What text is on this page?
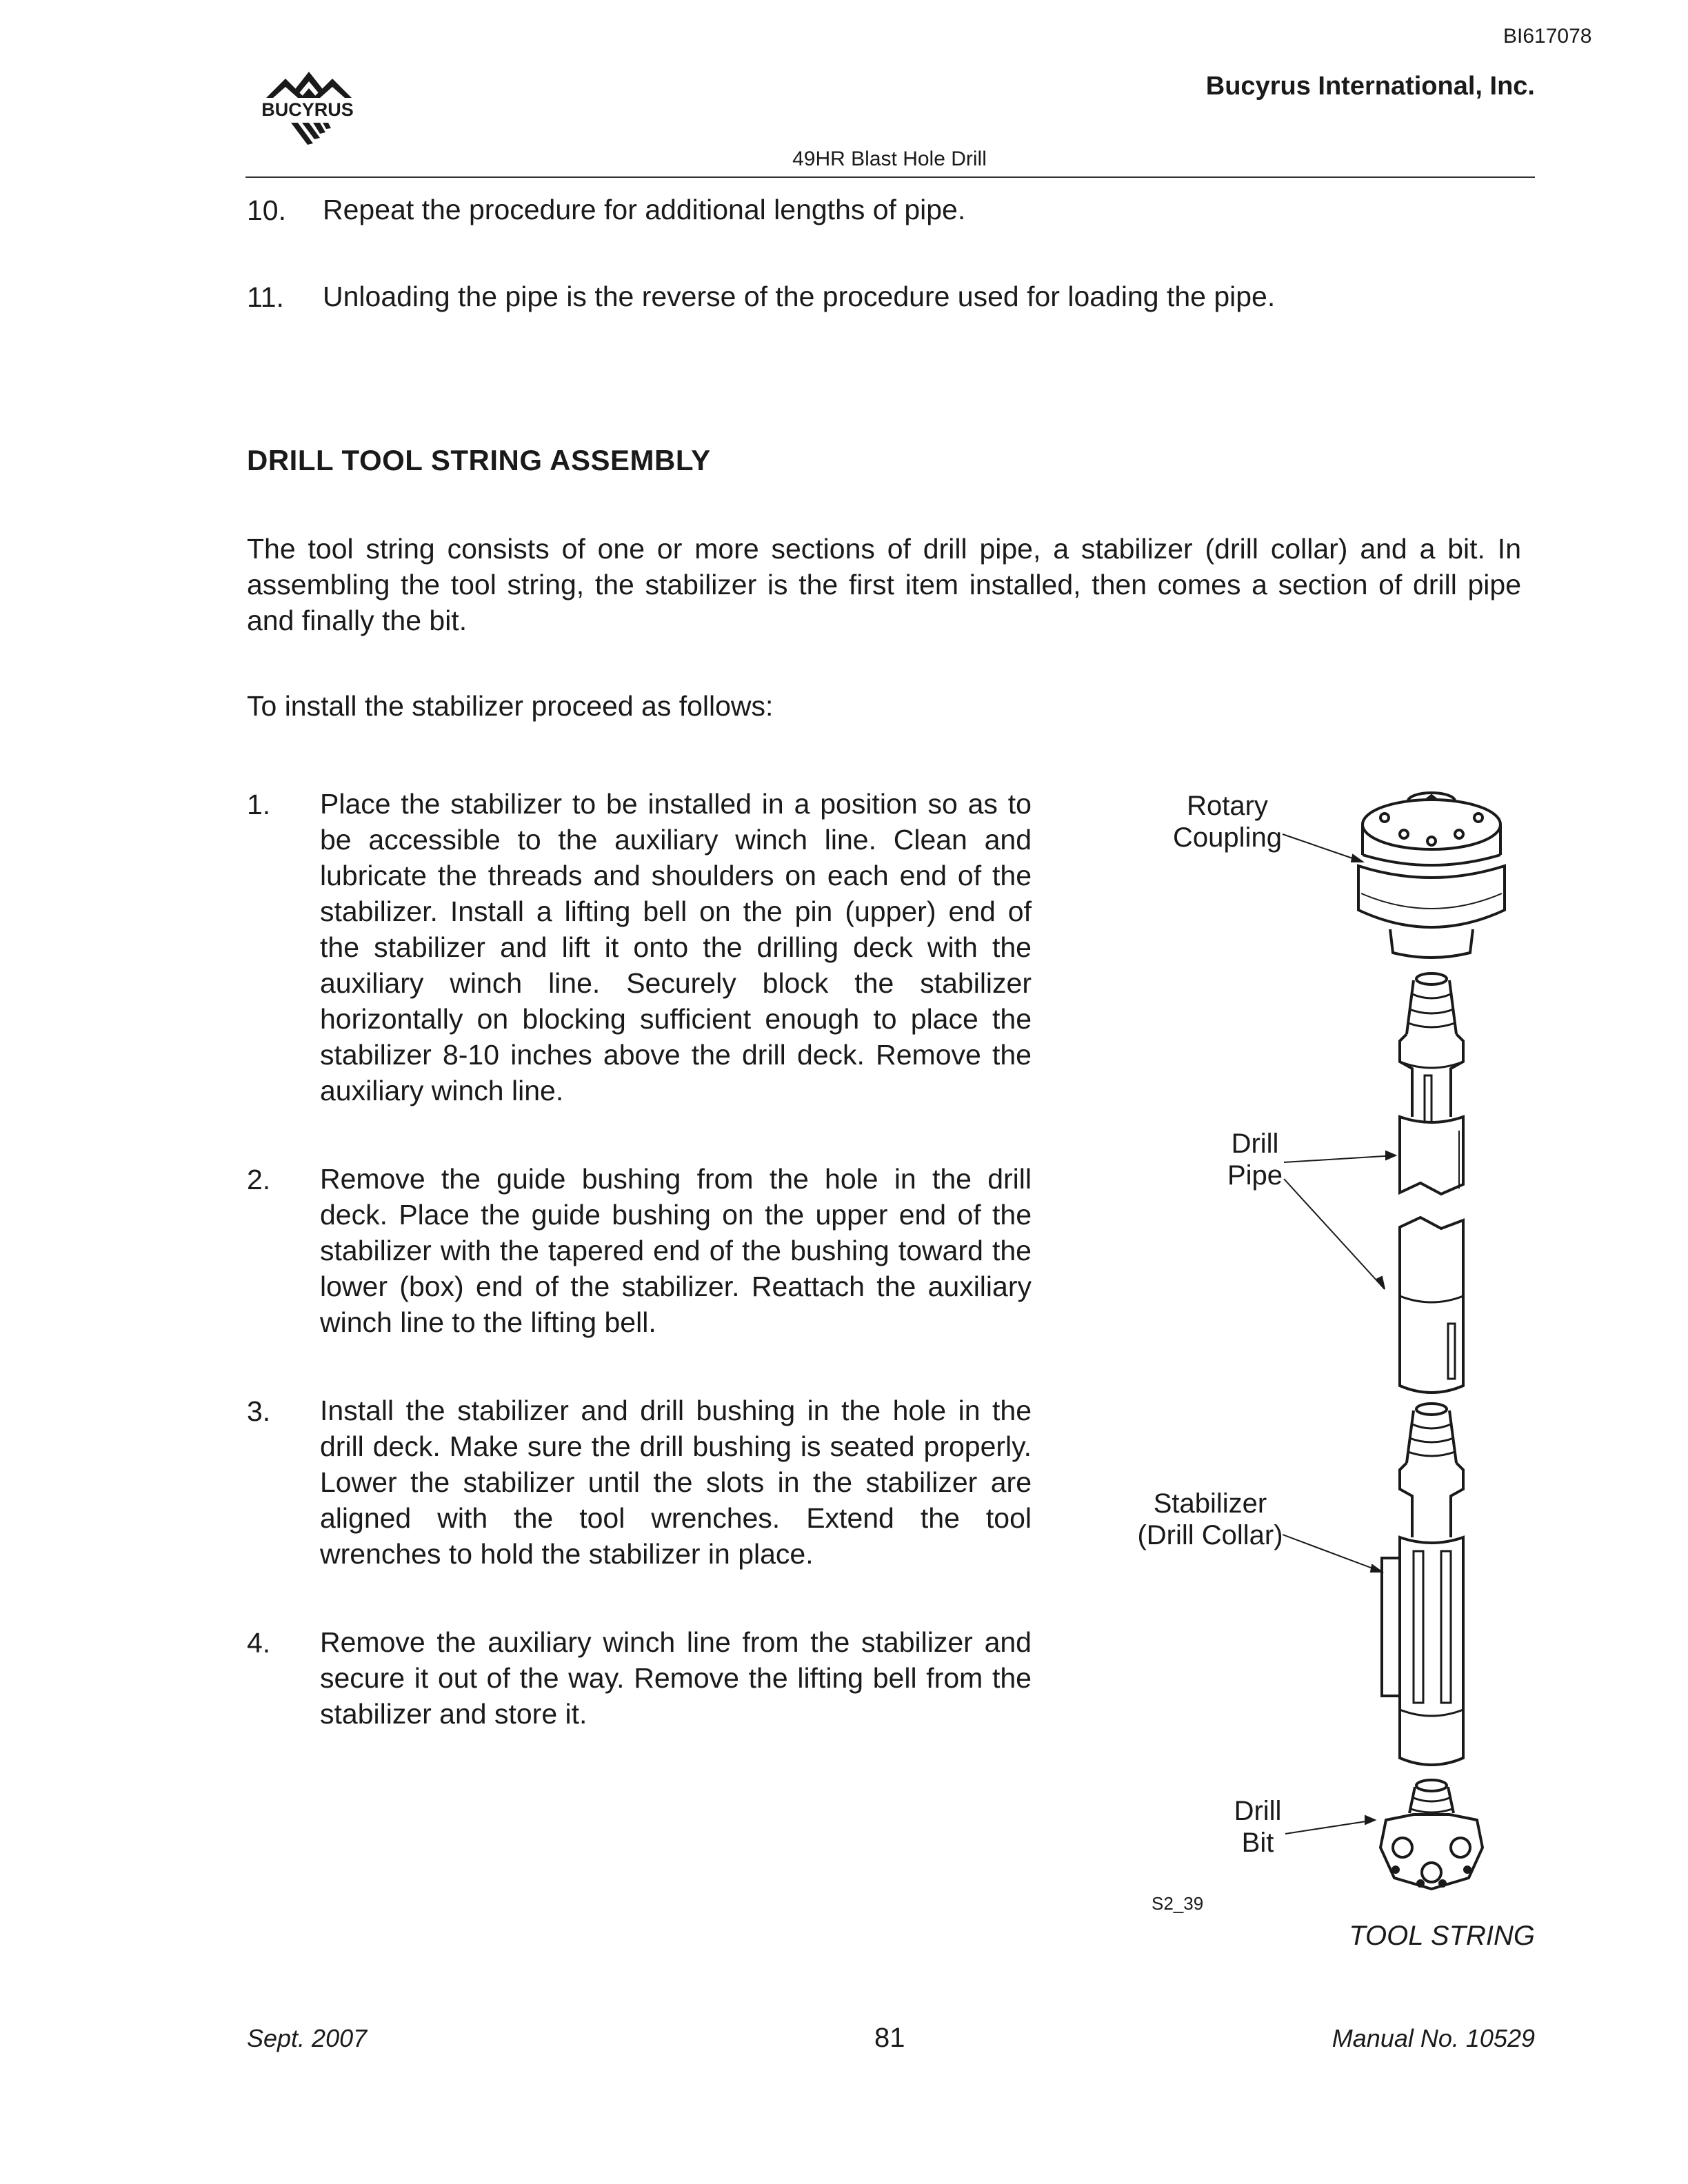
BI617078
Bucyrus International, Inc.
BUCYRUS
49HR Blast Hole Drill
10. Repeat the procedure for additional lengths of pipe.
11. Unloading the pipe is the reverse of the procedure used for loading the pipe.
DRILL TOOL STRING ASSEMBLY
The tool string consists of one or more sections of drill pipe, a stabilizer (drill collar) and a bit. In assembling the tool string, the stabilizer is the first item installed, then comes a section of drill pipe and finally the bit.
To install the stabilizer proceed as follows:
1. Place the stabilizer to be installed in a position so as to be accessible to the auxiliary winch line. Clean and lubricate the threads and shoulders on each end of the stabilizer. Install a lifting bell on the pin (upper) end of the stabilizer and lift it onto the drilling deck with the auxiliary winch line. Securely block the stabilizer horizontally on blocking sufficient enough to place the stabilizer 8-10 inches above the drill deck. Remove the auxiliary winch line.
2. Remove the guide bushing from the hole in the drill deck. Place the guide bushing on the upper end of the stabilizer with the tapered end of the bushing toward the lower (box) end of the stabilizer. Reattach the auxiliary winch line to the lifting bell.
3. Install the stabilizer and drill bushing in the hole in the drill deck. Make sure the drill bushing is seated properly. Lower the stabilizer until the slots in the stabilizer are aligned with the tool wrenches. Extend the tool wrenches to hold the stabilizer in place.
4. Remove the auxiliary winch line from the stabilizer and secure it out of the way. Remove the lifting bell from the stabilizer and store it.
Rotary
Coupling
Drill
Pipe
Stabilizer
(Drill Collar)
Drill
Bit
S2_39
TOOL STRING
Sept. 2007	81	Manual No. 10529
